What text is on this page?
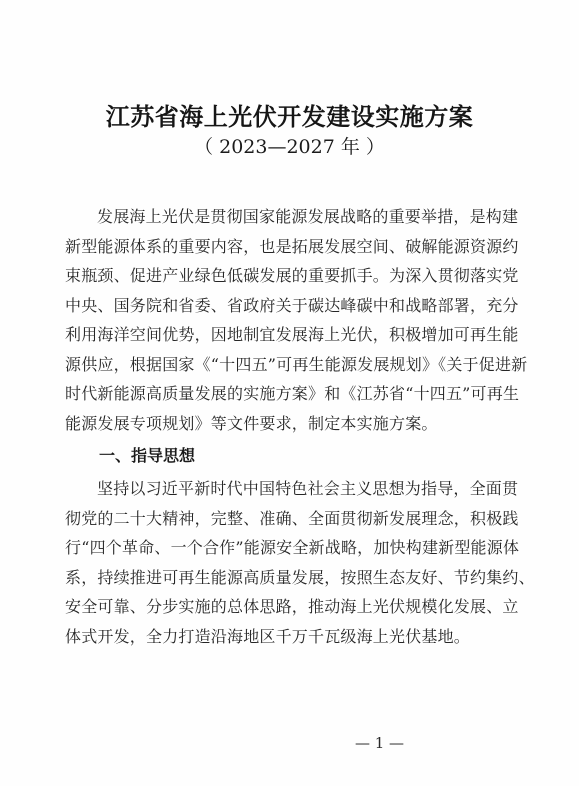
江苏省海上光伏开发建设实施方案
（ 2023—2027 年 ）
发展海上光伏是贯彻国家能源发展战略的重要举措，是构建
新型能源体系的重要内容，也是拓展发展空间、破解能源资源约
束瓶颈、促进产业绿色低碳发展的重要抓手。为深入贯彻落实党
中央、国务院和省委、省政府关于碳达峰碳中和战略部署，充分
利用海洋空间优势，因地制宜发展海上光伏，积极增加可再生能
源供应，根据国家《“十四五”可再生能源发展规划》《关于促进新
时代新能源高质量发展的实施方案》和《江苏省“十四五”可再生
能源发展专项规划》等文件要求，制定本实施方案。
一、指导思想
坚持以习近平新时代中国特色社会主义思想为指导，全面贯
彻党的二十大精神，完整、准确、全面贯彻新发展理念，积极践
行“四个革命、一个合作”能源安全新战略，加快构建新型能源体
系，持续推进可再生能源高质量发展，按照生态友好、节约集约、
安全可靠、分步实施的总体思路，推动海上光伏规模化发展、立
体式开发，全力打造沿海地区千万千瓦级海上光伏基地。
— 1 —
